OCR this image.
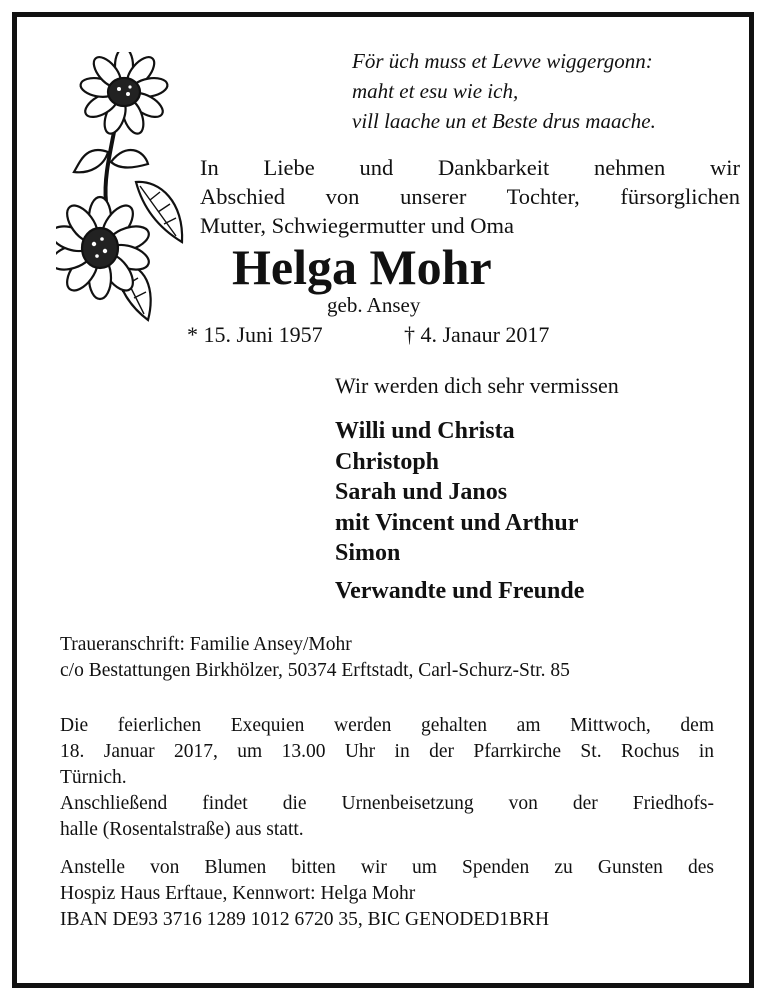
För üch muss et Levve wiggergonn:
maht et esu wie ich,
vill laache un et Beste drus maache.
In Liebe und Dankbarkeit nehmen wir
Abschied von unserer Tochter, fürsorglichen
Mutter, Schwiegermutter und Oma
Helga Mohr
geb. Ansey
* 15. Juni 1957	† 4. Janaur 2017
Wir werden dich sehr vermissen
Willi und Christa
Christoph
Sarah und Janos
mit Vincent und Arthur
Simon
Verwandte und Freunde
Traueranschrift: Familie Ansey/Mohr
c/o Bestattungen Birkhölzer, 50374 Erftstadt, Carl-Schurz-Str. 85
Die feierlichen Exequien werden gehalten am Mittwoch, dem
18. Januar 2017, um 13.00 Uhr in der Pfarrkirche St. Rochus in
Türnich.
Anschließend findet die Urnenbeisetzung von der Friedhofs-
halle (Rosentalstraße) aus statt.
Anstelle von Blumen bitten wir um Spenden zu Gunsten des
Hospiz Haus Erftaue, Kennwort: Helga Mohr
IBAN DE93 3716 1289 1012 6720 35, BIC GENODED1BRH
